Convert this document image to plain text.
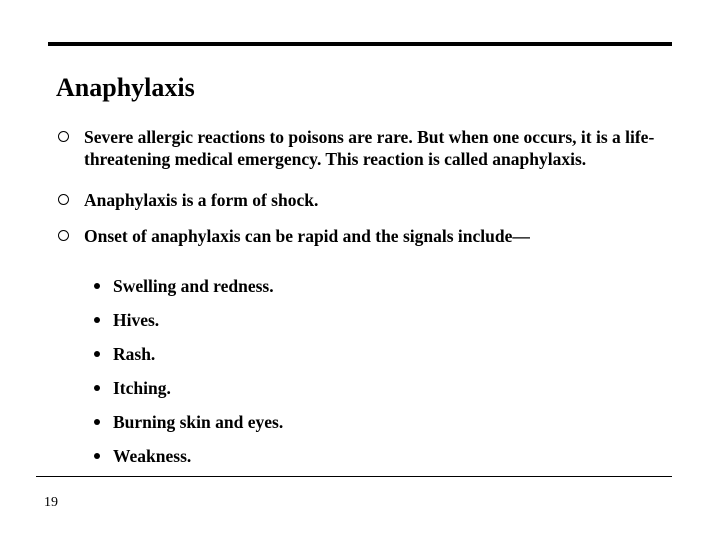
Anaphylaxis
Severe allergic reactions to poisons are rare. But when one occurs, it is a life-threatening medical emergency. This reaction is called anaphylaxis.
Anaphylaxis is a form of shock.
Onset of anaphylaxis can be rapid and the signals include—
Swelling and redness.
Hives.
Rash.
Itching.
Burning skin and eyes.
Weakness.
19
